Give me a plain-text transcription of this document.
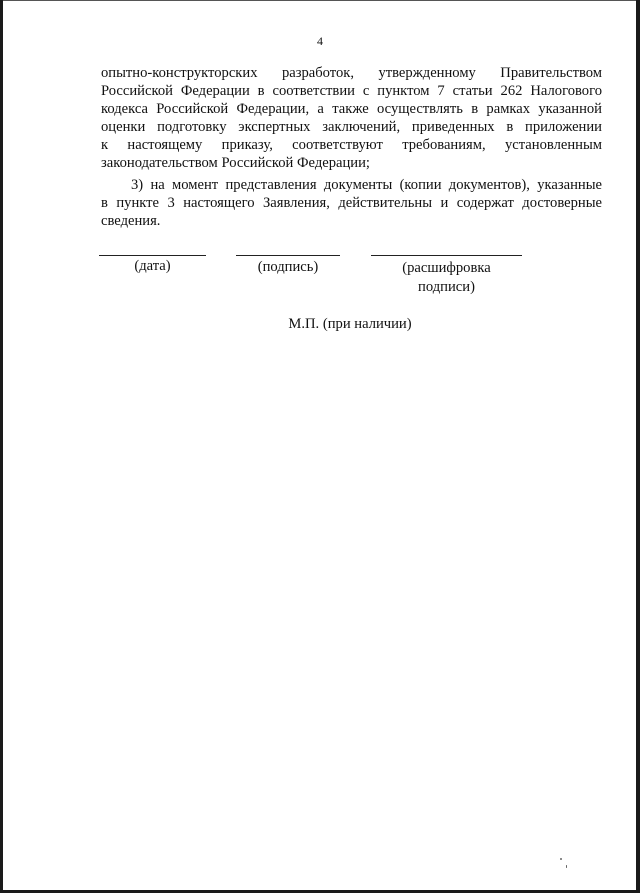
4
опытно-конструкторских разработок, утвержденному Правительством
Российской Федерации в соответствии с пунктом 7 статьи 262 Налогового
кодекса Российской Федерации, а также осуществлять в рамках указанной
оценки подготовку экспертных заключений, приведенных в приложении
к настоящему приказу, соответствуют требованиям, установленным
законодательством Российской Федерации;
3) на момент представления документы (копии документов), указанные
в пункте 3 настоящего Заявления, действительны и содержат достоверные
сведения.
(дата)	(подпись)	(расшифровка
подписи)
М.П. (при наличии)
